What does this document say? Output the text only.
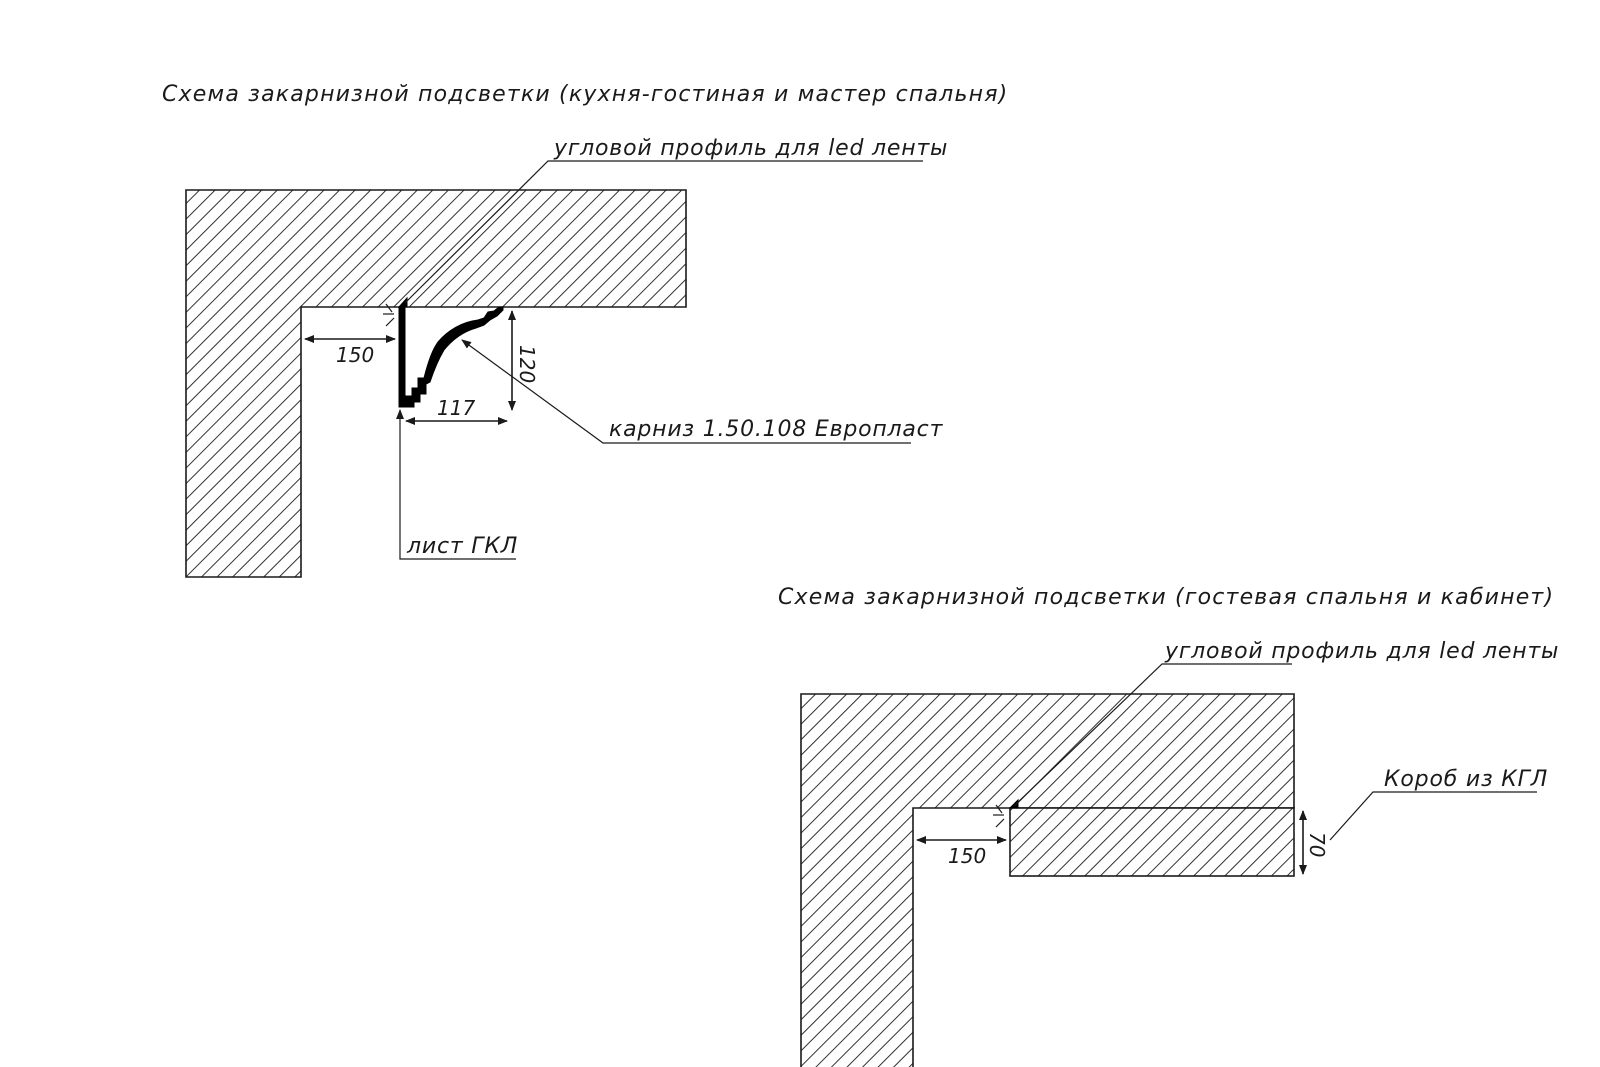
Схема закарнизной подсветки (кухня-гостиная и мастер спальня)
150
117
120
угловой профиль для led ленты
карниз 1.50.108 Европласт
лист ГКЛ
Схема закарнизной подсветки (гостевая спальня и кабинет)
150	70
угловой профиль для led ленты
Короб из КГЛ
